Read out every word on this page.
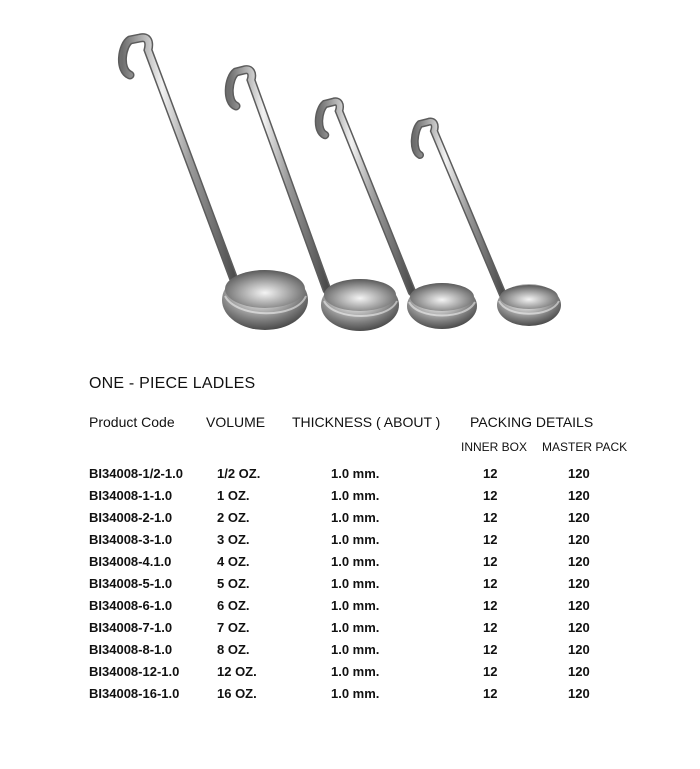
ONE - PIECE LADLES
Product Code VOLUME THICKNESS ( ABOUT ) PACKING DETAILS
INNER BOX MASTER PACK
BI34008-1/2-1.0	1/2 OZ.	1.0 mm.	12	120
BI34008-1-1.0	1 OZ.	1.0 mm.	12	120
BI34008-2-1.0	2 OZ.	1.0 mm.	12	120
BI34008-3-1.0	3 OZ.	1.0 mm.	12	120
BI34008-4.1.0	4 OZ.	1.0 mm.	12	120
BI34008-5-1.0	5 OZ.	1.0 mm.	12	120
BI34008-6-1.0	6 OZ.	1.0 mm.	12	120
BI34008-7-1.0	7 OZ.	1.0 mm.	12	120
BI34008-8-1.0	8 OZ.	1.0 mm.	12	120
BI34008-12-1.0	12 OZ.	1.0 mm.	12	120
BI34008-16-1.0	16 OZ.	1.0 mm.	12	120
